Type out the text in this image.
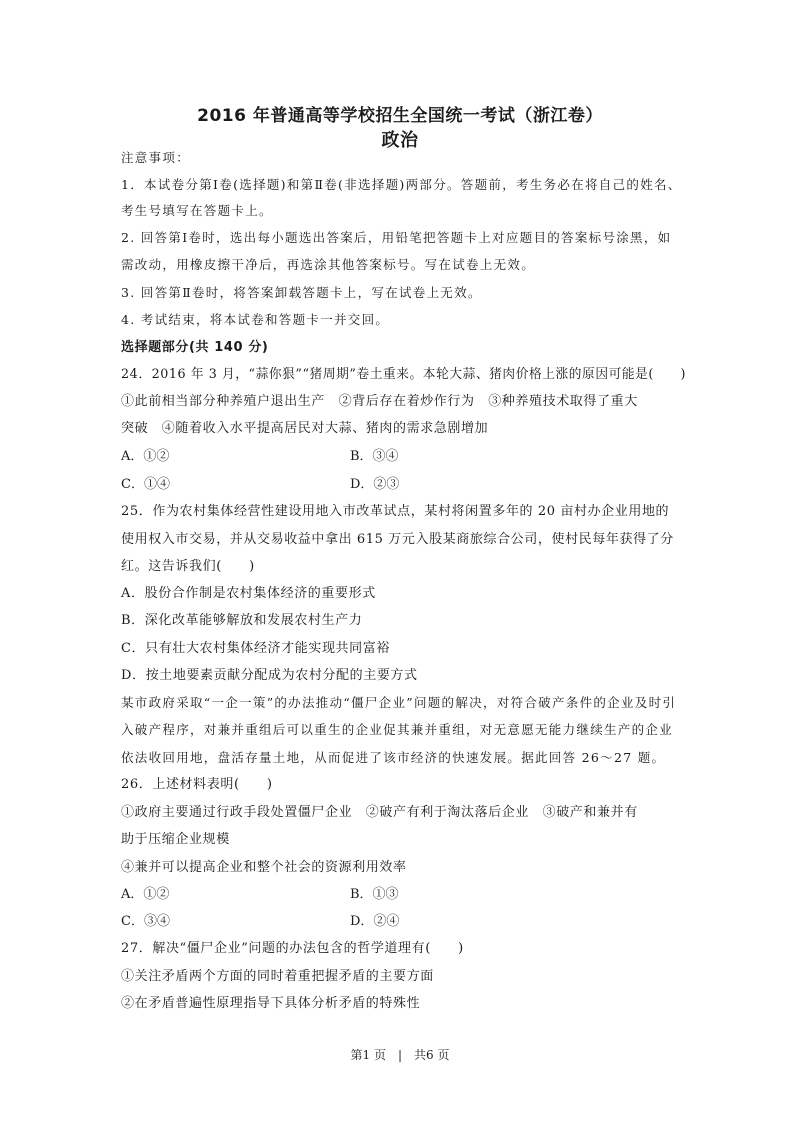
2016 年普通高等学校招生全国统一考试（浙江卷）
政治
注意事项：
1．本试卷分第Ⅰ卷(选择题)和第Ⅱ卷(非选择题)两部分。答题前，考生务必在将自己的姓名、
考生号填写在答题卡上。
2. 回答第Ⅰ卷时，选出每小题选出答案后，用铅笔把答题卡上对应题目的答案标号涂黑，如
需改动，用橡皮擦干净后，再选涂其他答案标号。写在试卷上无效。
3. 回答第Ⅱ卷时，将答案卸载答题卡上，写在试卷上无效。
4. 考试结束，将本试卷和答题卡一并交回。
选择题部分(共 140 分)
24．2016 年 3 月，“蒜你狠”“猪周期”卷土重来。本轮大蒜、猪肉价格上涨的原因可能是(　　)
①此前相当部分种养殖户退出生产　②背后存在着炒作行为　③种养殖技术取得了重大
突破　④随着收入水平提高居民对大蒜、猪肉的需求急剧增加
A．①②	B．③④
C．①④	D．②③
25．作为农村集体经营性建设用地入市改革试点，某村将闲置多年的 20 亩村办企业用地的
使用权入市交易，并从交易收益中拿出 615 万元入股某商旅综合公司，使村民每年获得了分
红。这告诉我们(　　)
A．股份合作制是农村集体经济的重要形式
B．深化改革能够解放和发展农村生产力
C．只有壮大农村集体经济才能实现共同富裕
D．按土地要素贡献分配成为农村分配的主要方式
某市政府采取“一企一策”的办法推动“僵尸企业”问题的解决，对符合破产条件的企业及时引
入破产程序，对兼并重组后可以重生的企业促其兼并重组，对无意愿无能力继续生产的企业
依法收回用地，盘活存量土地，从而促进了该市经济的快速发展。据此回答 26～27 题。
26．上述材料表明(　　)
①政府主要通过行政手段处置僵尸企业　②破产有利于淘汰落后企业　③破产和兼并有
助于压缩企业规模
④兼并可以提高企业和整个社会的资源利用效率
A．①②	B．①③
C．③④	D．②④
27．解决“僵尸企业”问题的办法包含的哲学道理有(　　)
①关注矛盾两个方面的同时着重把握矛盾的主要方面
②在矛盾普遍性原理指导下具体分析矛盾的特殊性
第1 页　|　共6 页
